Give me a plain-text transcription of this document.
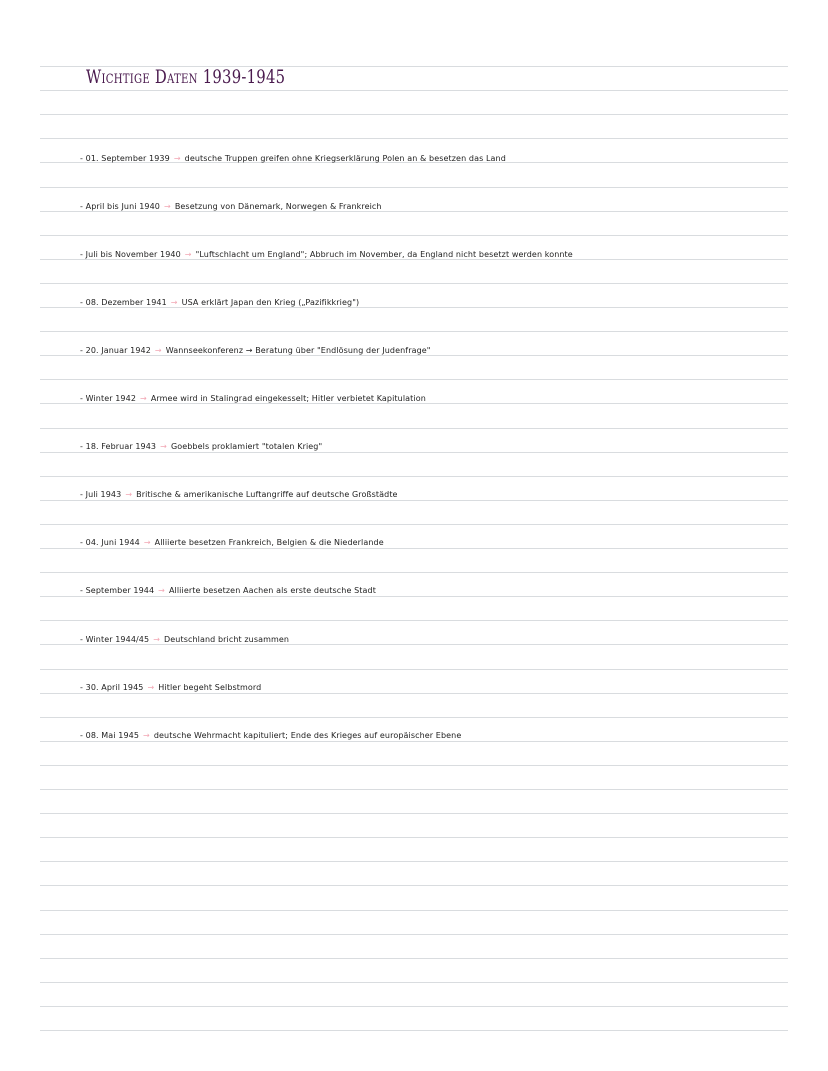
Wichtige Daten 1939-1945
- 01. September 1939 → deutsche Truppen greifen ohne Kriegserklärung Polen an & besetzen das Land
- April bis Juni 1940 → Besetzung von Dänemark, Norwegen & Frankreich
- Juli bis November 1940 → "Luftschlacht um England"; Abbruch im November, da England nicht besetzt werden konnte
- 08. Dezember 1941 → USA erklärt Japan den Krieg („Pazifikkrieg")
- 20. Januar 1942 → Wannseekonferenz → Beratung über "Endlösung der Judenfrage"
- Winter 1942 → Armee wird in Stalingrad eingekesselt; Hitler verbietet Kapitulation
- 18. Februar 1943 → Goebbels proklamiert "totalen Krieg"
- Juli 1943 → Britische & amerikanische Luftangriffe auf deutsche Großstädte
- 04. Juni 1944 → Alliierte besetzen Frankreich, Belgien & die Niederlande
- September 1944 → Alliierte besetzen Aachen als erste deutsche Stadt
- Winter 1944/45 → Deutschland bricht zusammen
- 30. April 1945 → Hitler begeht Selbstmord
- 08. Mai 1945 → deutsche Wehrmacht kapituliert; Ende des Krieges auf europäischer Ebene
